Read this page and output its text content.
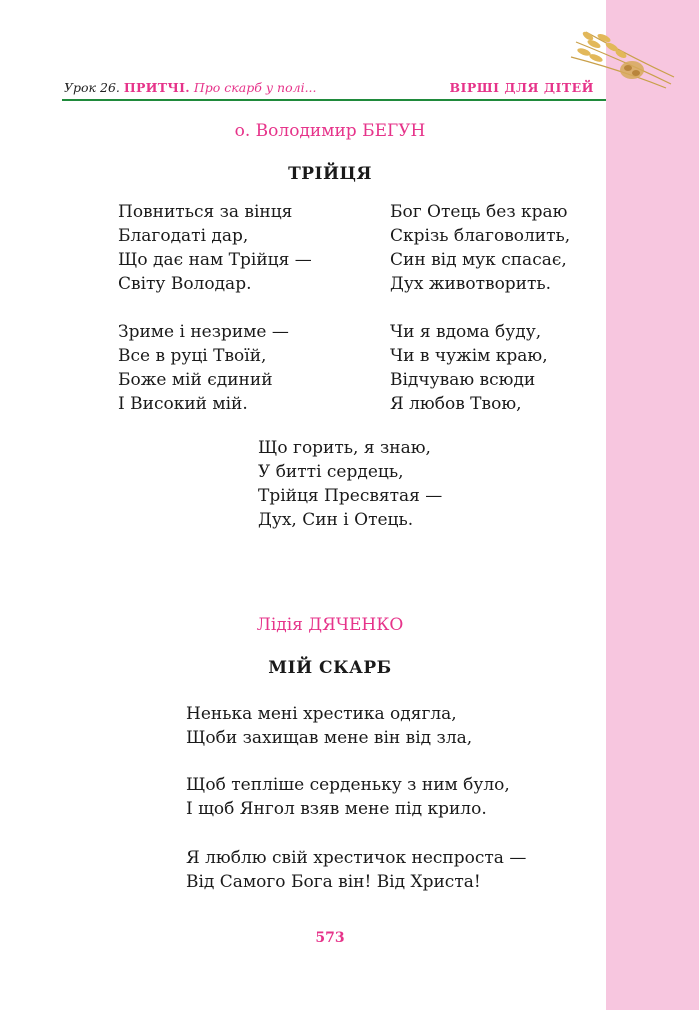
Урок 26. ПРИТЧІ. Про скарб у полі...	ВІРШІ ДЛЯ ДІТЕЙ
о. Володимир БЕГУН
ТРІЙЦЯ
Повниться за вінця
Благодаті дар,
Що дає нам Трійця —
Світу Володар.
Бог Отець без краю
Скрізь благоволить,
Син від мук спасає,
Дух животворить.
Зриме і незриме —
Все в руці Твоїй,
Боже мій єдиний
І Високий мій.
Чи я вдома буду,
Чи в чужім краю,
Відчуваю всюди
Я любов Твою,
Що горить, я знаю,
У битті сердець,
Трійця Пресвятая —
Дух, Син і Отець.
Лідія ДЯЧЕНКО
МІЙ СКАРБ
Ненька мені хрестика одягла,
Щоби захищав мене він від зла,
Щоб тепліше серденьку з ним було,
І щоб Янгол взяв мене під крило.
Я люблю свій хрестичок неспроста —
Від Самого Бога він! Від Христа!
573
